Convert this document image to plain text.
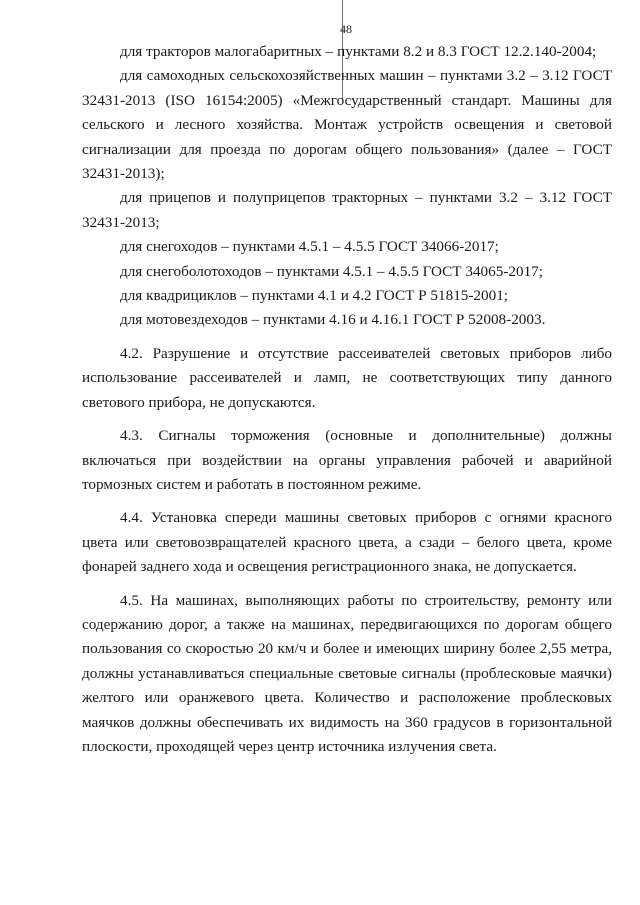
48

для тракторов малогабаритных – пунктами 8.2 и 8.3 ГОСТ 12.2.140-2004;

для самоходных сельскохозяйственных машин – пунктами 3.2 – 3.12 ГОСТ 32431-2013 (ISO 16154:2005) «Межгосударственный стандарт. Машины для сельского и лесного хозяйства. Монтаж устройств освещения и световой сигнализации для проезда по дорогам общего пользования» (далее – ГОСТ 32431-2013);

для прицепов и полуприцепов тракторных – пунктами 3.2 – 3.12 ГОСТ 32431-2013;

для снегоходов – пунктами 4.5.1 – 4.5.5 ГОСТ 34066-2017;

для снегоболотоходов – пунктами 4.5.1 – 4.5.5 ГОСТ 34065-2017;

для квадрициклов – пунктами 4.1 и 4.2 ГОСТ Р 51815-2001;

для мотовездеходов – пунктами 4.16 и 4.16.1 ГОСТ Р 52008-2003.

4.2. Разрушение и отсутствие рассеивателей световых приборов либо использование рассеивателей и ламп, не соответствующих типу данного светового прибора, не допускаются.

4.3. Сигналы торможения (основные и дополнительные) должны включаться при воздействии на органы управления рабочей и аварийной тормозных систем и работать в постоянном режиме.

4.4. Установка спереди машины световых приборов с огнями красного цвета или световозвращателей красного цвета, а сзади – белого цвета, кроме фонарей заднего хода и освещения регистрационного знака, не допускается.

4.5. На машинах, выполняющих работы по строительству, ремонту или содержанию дорог, а также на машинах, передвигающихся по дорогам общего пользования со скоростью 20 км/ч и более и имеющих ширину более 2,55 метра, должны устанавливаться специальные световые сигналы (проблесковые маячки) желтого или оранжевого цвета. Количество и расположение проблесковых маячков должны обеспечивать их видимость на 360 градусов в горизонтальной плоскости, проходящей через центр источника излучения света.
